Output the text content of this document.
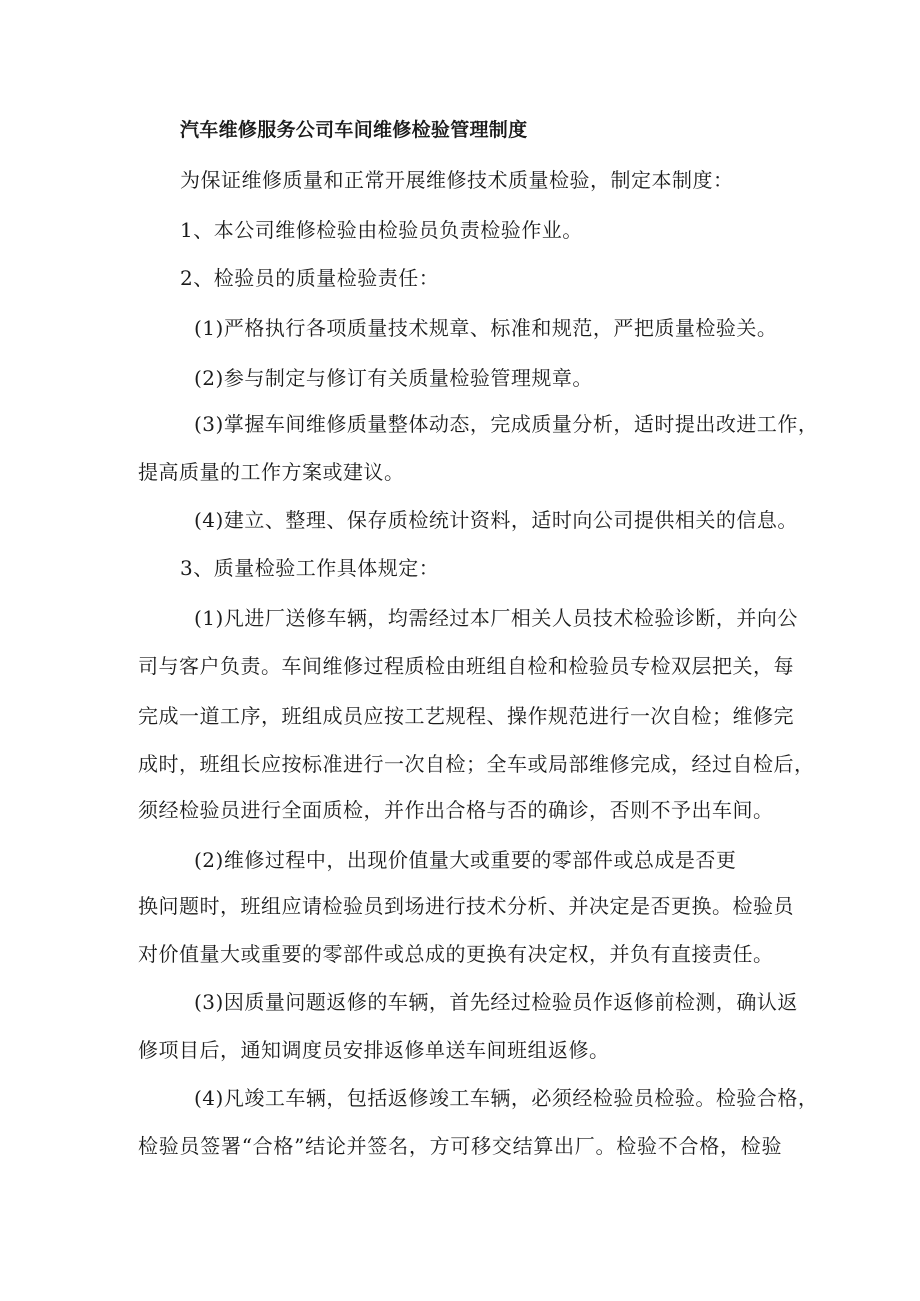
汽车维修服务公司车间维修检验管理制度
为保证维修质量和正常开展维修技术质量检验，制定本制度：
1、本公司维修检验由检验员负责检验作业。
2、检验员的质量检验责任：
(1)严格执行各项质量技术规章、标准和规范，严把质量检验关。
(2)参与制定与修订有关质量检验管理规章。
(3)掌握车间维修质量整体动态，完成质量分析，适时提出改进工作，
提高质量的工作方案或建议。
(4)建立、整理、保存质检统计资料，适时向公司提供相关的信息。
3、质量检验工作具体规定：
(1)凡进厂送修车辆，均需经过本厂相关人员技术检验诊断，并向公
司与客户负责。车间维修过程质检由班组自检和检验员专检双层把关，每
完成一道工序，班组成员应按工艺规程、操作规范进行一次自检；维修完
成时，班组长应按标准进行一次自检；全车或局部维修完成，经过自检后，
须经检验员进行全面质检，并作出合格与否的确诊，否则不予出车间。
(2)维修过程中，出现价值量大或重要的零部件或总成是否更
换问题时，班组应请检验员到场进行技术分析、并决定是否更换。检验员
对价值量大或重要的零部件或总成的更换有决定权，并负有直接责任。
(3)因质量问题返修的车辆，首先经过检验员作返修前检测，确认返
修项目后，通知调度员安排返修单送车间班组返修。
(4)凡竣工车辆，包括返修竣工车辆，必须经检验员检验。检验合格，
检验员签署“合格”结论并签名，方可移交结算出厂。检验不合格，检验
